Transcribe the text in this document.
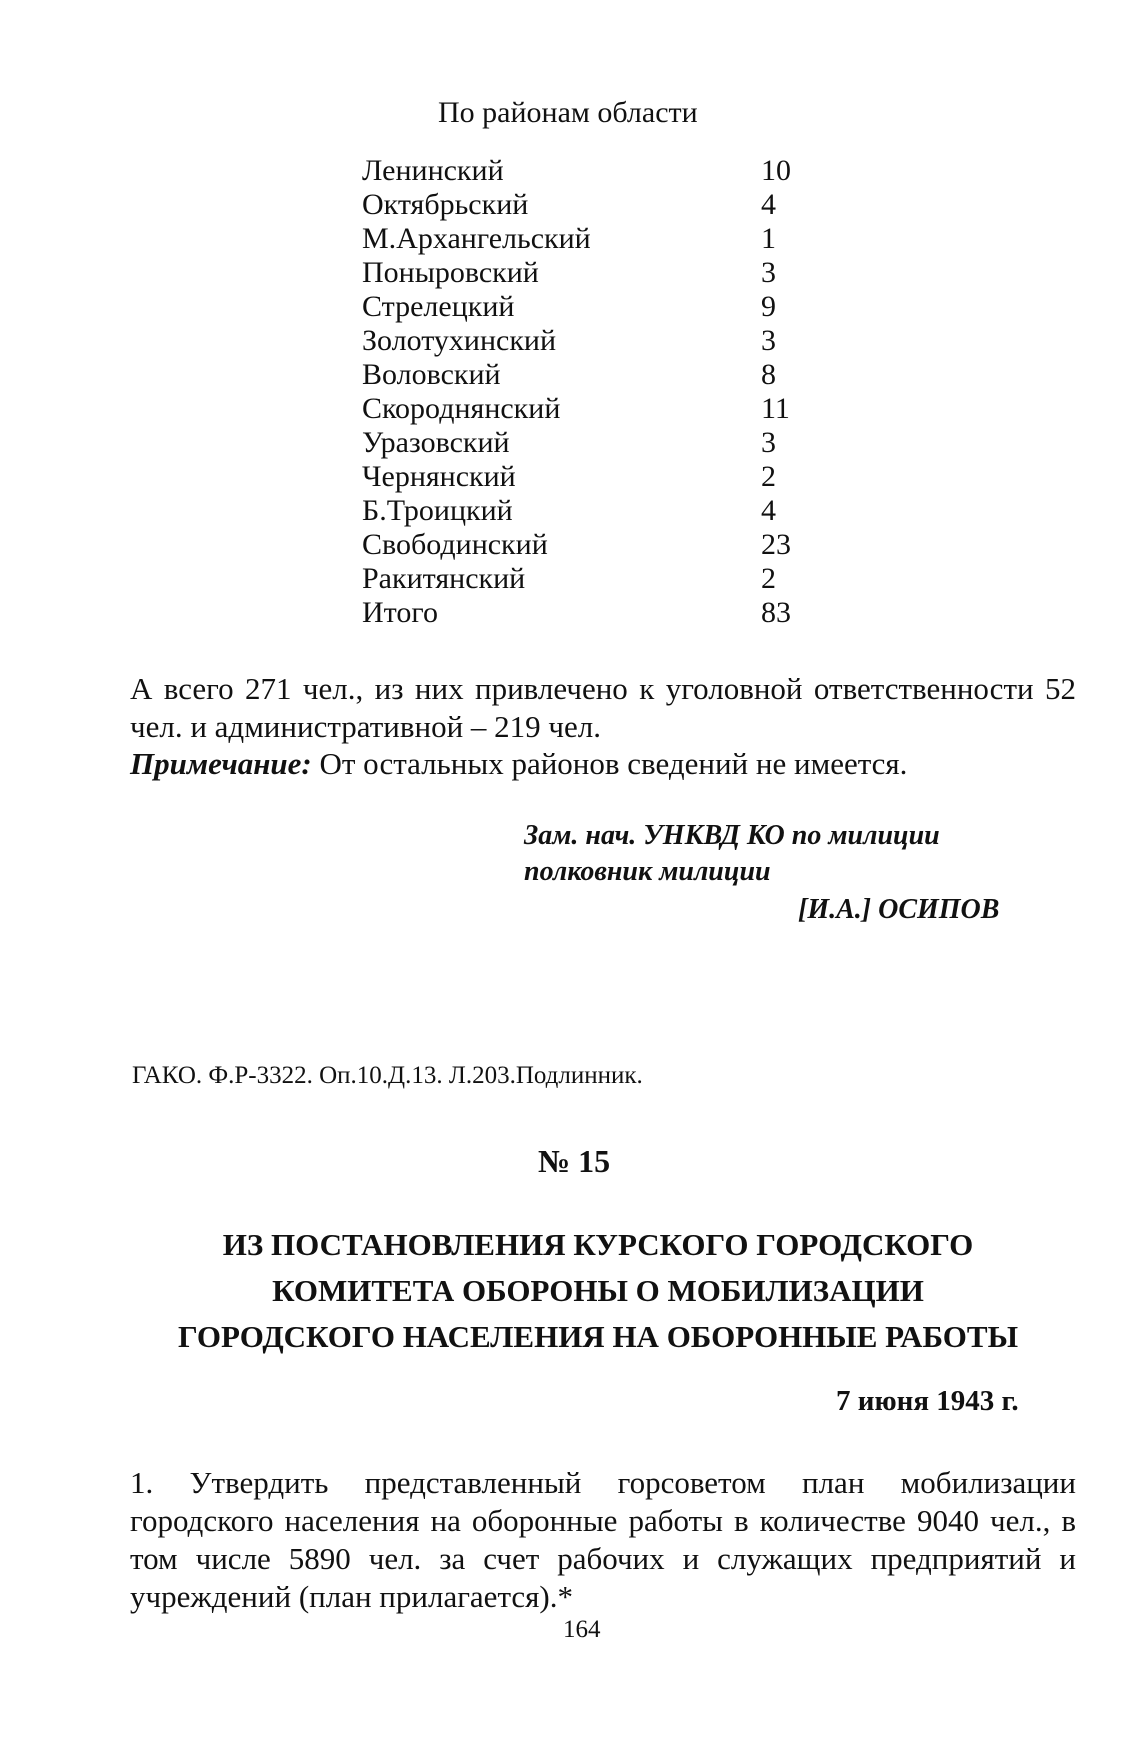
По районам области
Ленинский	10
Октябрьский	4
М.Архангельский	1
Поныровский	3
Стрелецкий	9
Золотухинский	3
Воловский	8
Скороднянский	11
Уразовский	3
Чернянский	2
Б.Троицкий	4
Свободинский	23
Ракитянский	2
Итого	83
А всего 271 чел., из них привлечено к уголовной ответственности 52 чел. и административной – 219 чел.
Примечание: От остальных районов сведений не имеется.
Зам. нач. УНКВД КО по милиции
полковник милиции
[И.А.] ОСИПОВ
ГАКО. Ф.Р-3322. Оп.10.Д.13. Л.203.Подлинник.
№ 15
ИЗ ПОСТАНОВЛЕНИЯ КУРСКОГО ГОРОДСКОГО
КОМИТЕТА ОБОРОНЫ О МОБИЛИЗАЦИИ
ГОРОДСКОГО НАСЕЛЕНИЯ НА ОБОРОННЫЕ РАБОТЫ
7 июня 1943 г.
1. Утвердить представленный горсоветом план мобилизации городского населения на оборонные работы в количестве 9040 чел., в том числе 5890 чел. за счет рабочих и служащих предприятий и учреждений (план прилагается).*
164
